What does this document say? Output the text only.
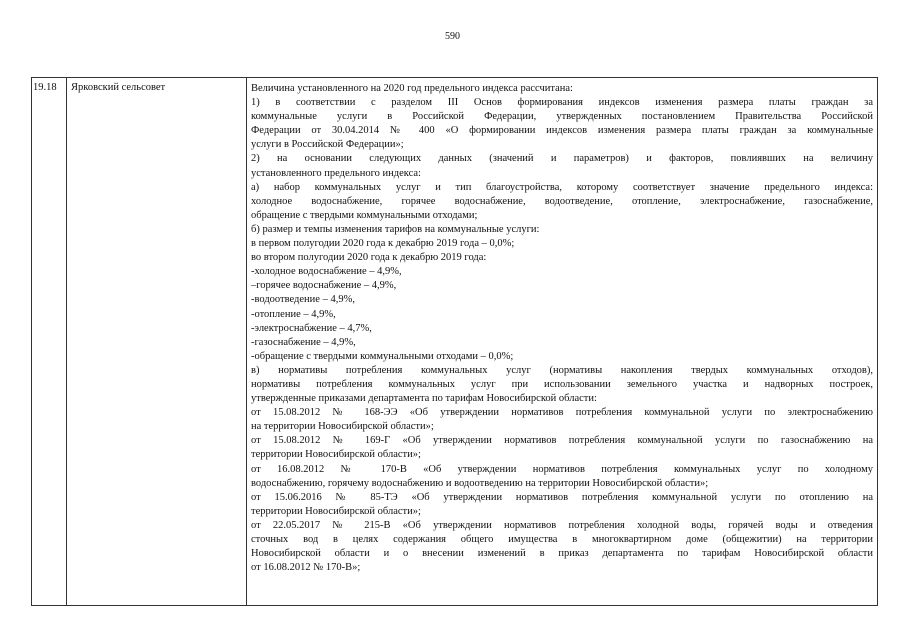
590
19.18 Ярковский сельсовет	Величина установленного на 2020 год предельного индекса рассчитана:
1) в соответствии с разделом III Основ формирования индексов изменения размера платы граждан за
коммунальные услуги в Российской Федерации, утвержденных постановлением Правительства Российской
Федерации от 30.04.2014 № 400 «О формировании индексов изменения размера платы граждан за коммунальные
услуги в Российской Федерации»;
2) на основании следующих данных (значений и параметров) и факторов, повлиявших на величину
установленного предельного индекса:
а) набор коммунальных услуг и тип благоустройства, которому соответствует значение предельного индекса:
холодное водоснабжение, горячее водоснабжение, водоотведение, отопление, электроснабжение, газоснабжение,
обращение с твердыми коммунальными отходами;
б) размер и темпы изменения тарифов на коммунальные услуги:
в первом полугодии 2020 года к декабрю 2019 года – 0,0%;
во втором полугодии 2020 года к декабрю 2019 года:
-холодное водоснабжение – 4,9%,
–горячее водоснабжение – 4,9%,
-водоотведение – 4,9%,
-отопление – 4,9%,
-электроснабжение – 4,7%,
-газоснабжение – 4,9%,
-обращение с твердыми коммунальными отходами – 0,0%;
в) нормативы потребления коммунальных услуг (нормативы накопления твердых коммунальных отходов),
нормативы потребления коммунальных услуг при использовании земельного участка и надворных построек,
утвержденные приказами департамента по тарифам Новосибирской области:
от 15.08.2012 № 168-ЭЭ «Об утверждении нормативов потребления коммунальной услуги по электроснабжению
на территории Новосибирской области»;
от 15.08.2012 № 169-Г «Об утверждении нормативов потребления коммунальной услуги по газоснабжению на
территории Новосибирской области»;
от 16.08.2012 № 170-В «Об утверждении нормативов потребления коммунальных услуг по холодному
водоснабжению, горячему водоснабжению и водоотведению на территории Новосибирской области»;
от 15.06.2016 № 85-ТЭ «Об утверждении нормативов потребления коммунальной услуги по отоплению на
территории Новосибирской области»;
от 22.05.2017 № 215-В «Об утверждении нормативов потребления холодной воды, горячей воды и отведения
сточных вод в целях содержания общего имущества в многоквартирном доме (общежитии) на территории
Новосибирской области и о внесении изменений в приказ департамента по тарифам Новосибирской области
от 16.08.2012 № 170-В»;
